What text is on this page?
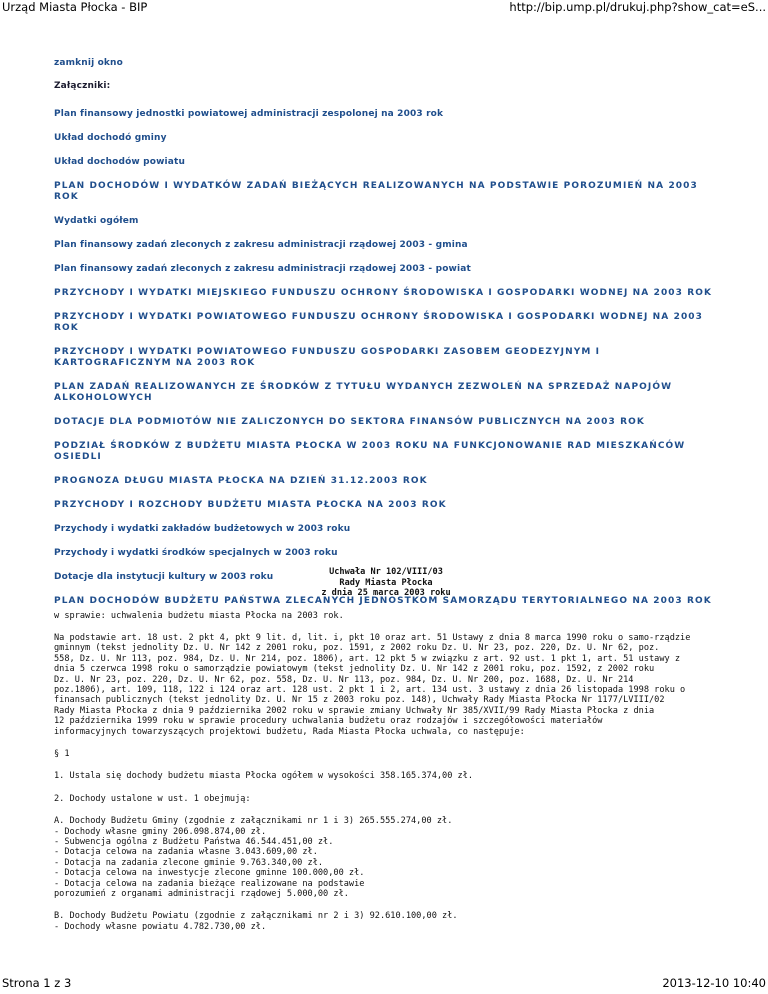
Urząd Miasta Płocka - BIP	http://bip.ump.pl/drukuj.php?show_cat=eS...
zamknij okno
Załączniki:
Plan finansowy jednostki powiatowej administracji zespolonej na 2003 rok
Układ dochodó gminy
Układ dochodów powiatu
PLAN DOCHODÓW I WYDATKÓW ZADAŃ BIEŻĄCYCH REALIZOWANYCH NA PODSTAWIE POROZUMIEŃ NA 2003 ROK
Wydatki ogółem
Plan finansowy zadań zleconych z zakresu administracji rządowej 2003 - gmina
Plan finansowy zadań zleconych z zakresu administracji rządowej 2003 - powiat
PRZYCHODY I WYDATKI MIEJSKIEGO FUNDUSZU OCHRONY ŚRODOWISKA I GOSPODARKI WODNEJ NA 2003 ROK
PRZYCHODY I WYDATKI POWIATOWEGO FUNDUSZU OCHRONY ŚRODOWISKA I GOSPODARKI WODNEJ NA 2003 ROK
PRZYCHODY I WYDATKI POWIATOWEGO FUNDUSZU GOSPODARKI ZASOBEM GEODEZYJNYM I KARTOGRAFICZNYM NA 2003 ROK
PLAN ZADAŃ REALIZOWANYCH ZE ŚRODKÓW Z TYTUŁU WYDANYCH ZEZWOLEŃ NA SPRZEDAŻ NAPOJÓW ALKOHOLOWYCH
DOTACJE DLA PODMIOTÓW NIE ZALICZONYCH DO SEKTORA FINANSÓW PUBLICZNYCH NA 2003 ROK
PODZIAŁ ŚRODKÓW Z BUDŻETU MIASTA PŁOCKA W 2003 ROKU NA FUNKCJONOWANIE RAD MIESZKAŃCÓW OSIEDLI
PROGNOZA DŁUGU MIASTA PŁOCKA NA DZIEŃ 31.12.2003 ROK
PRZYCHODY I ROZCHODY BUDŻETU MIASTA PŁOCKA NA 2003 ROK
Przychody i wydatki zakładów budżetowych w 2003 roku
Przychody i wydatki środków specjalnych w 2003 roku
Dotacje dla instytucji kultury w 2003 roku
PLAN DOCHODÓW BUDŻETU PAŃSTWA ZLECANYCH JEDNOSTKOM SAMORZĄDU TERYTORIALNEGO NA 2003 ROK
Uchwała Nr 102/VIII/03
Rady Miasta Płocka
z dnia 25 marca 2003 roku

w sprawie: uchwalenia budżetu miasta Płocka na 2003 rok.

Na podstawie art. 18 ust. 2 pkt 4, pkt 9 lit. d, lit. i, pkt 10 oraz art. 51 Ustawy z dnia 8 marca 1990 roku o samo-rządzie
gminnym (tekst jednolity Dz. U. Nr 142 z 2001 roku, poz. 1591, z 2002 roku Dz. U. Nr 23, poz. 220, Dz. U. Nr 62, poz.
558, Dz. U. Nr 113, poz. 984, Dz. U. Nr 214, poz. 1806), art. 12 pkt 5 w związku z art. 92 ust. 1 pkt 1, art. 51 ustawy z
dnia 5 czerwca 1998 roku o samorządzie powiatowym (tekst jednolity Dz. U. Nr 142 z 2001 roku, poz. 1592, z 2002 roku
Dz. U. Nr 23, poz. 220, Dz. U. Nr 62, poz. 558, Dz. U. Nr 113, poz. 984, Dz. U. Nr 200, poz. 1688, Dz. U. Nr 214
poz.1806), art. 109, 118, 122 i 124 oraz art. 128 ust. 2 pkt 1 i 2, art. 134 ust. 3 ustawy z dnia 26 listopada 1998 roku o
finansach publicznych (tekst jednolity Dz. U. Nr 15 z 2003 roku poz. 148), Uchwały Rady Miasta Płocka Nr 1177/LVIII/02
Rady Miasta Płocka z dnia 9 października 2002 roku w sprawie zmiany Uchwały Nr 385/XVII/99 Rady Miasta Płocka z dnia
12 października 1999 roku w sprawie procedury uchwalania budżetu oraz rodzajów i szczegółowości materiałów
informacyjnych towarzyszących projektowi budżetu, Rada Miasta Płocka uchwala, co następuje:

§ 1

1. Ustala się dochody budżetu miasta Płocka ogółem w wysokości 358.165.374,00 zł.

2. Dochody ustalone w ust. 1 obejmują:

A. Dochody Budżetu Gminy (zgodnie z załącznikami nr 1 i 3) 265.555.274,00 zł.
- Dochody własne gminy 206.098.874,00 zł.
- Subwencja ogólna z Budżetu Państwa 46.544.451,00 zł.
- Dotacja celowa na zadania własne 3.043.609,00 zł.
- Dotacja na zadania zlecone gminie 9.763.340,00 zł.
- Dotacja celowa na inwestycje zlecone gminne 100.000,00 zł.
- Dotacja celowa na zadania bieżące realizowane na podstawie
porozumień z organami administracji rządowej 5.000,00 zł.

B. Dochody Budżetu Powiatu (zgodnie z załącznikami nr 2 i 3) 92.610.100,00 zł.
- Dochody własne powiatu 4.782.730,00 zł.

Strona 1 z 3	2013-12-10 10:40
